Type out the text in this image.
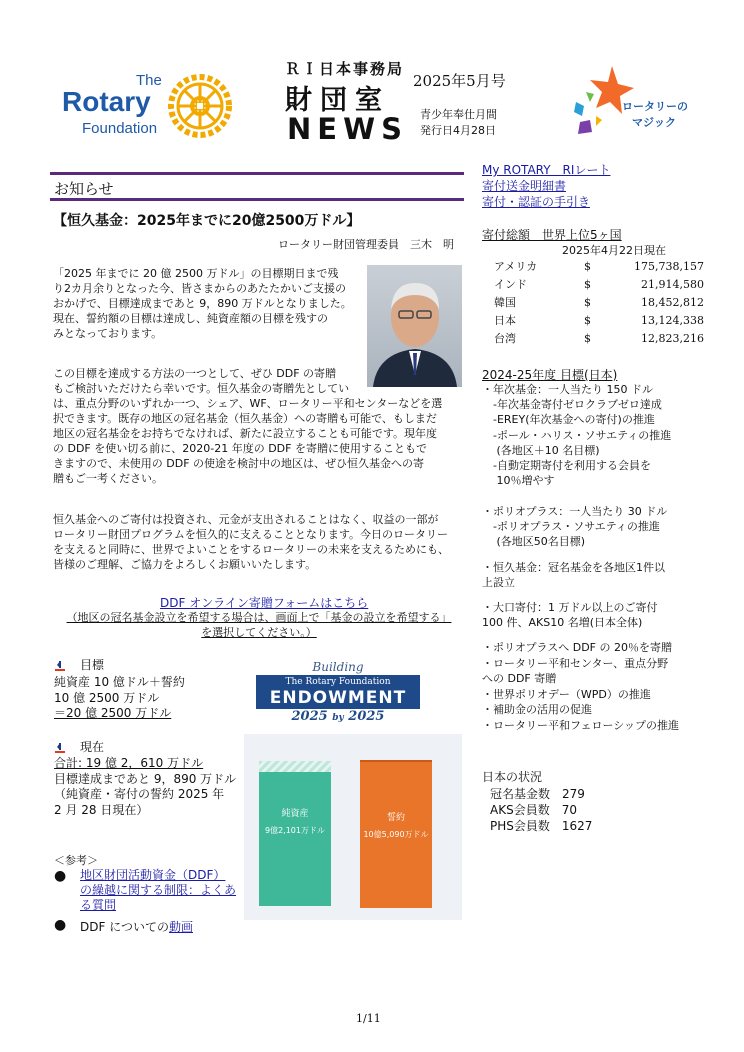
The
Rotary
Foundation
ＲＩ日本事務局
財団室
NEWS
2025年5月号
青少年奉仕月間
発行日4月28日
ロータリーの
マジック
お知らせ
【恒久基金：2025年までに20億2500万ドル】
ロータリー財団管理委員　三木　明
「2025 年までに 20 億 2500 万ドル」の目標期日まで残
り2カ月余りとなった今、皆さまからのあたたかいご支援の
おかげで、目標達成まであと 9，890 万ドルとなりました。
現在、誓約額の目標は達成し、純資産額の目標を残すの
みとなっております。
この目標を達成する方法の一つとして、ぜひ DDF の寄贈
もご検討いただけたら幸いです。恒久基金の寄贈先としてい
は、重点分野のいずれか一つ、シェア、WF、ロータリー平和センターなどを選
択できます。既存の地区の冠名基金（恒久基金）への寄贈も可能で、もしまだ
地区の冠名基金をお持ちでなければ、新たに設立することも可能です。現年度
の DDF を使い切る前に、2020-21 年度の DDF を寄贈に使用することもで
きますので、未使用の DDF の使途を検討中の地区は、ぜひ恒久基金への寄
贈もご一考ください。
恒久基金へのご寄付は投資され、元金が支出されることはなく、収益の一部が
ロータリー財団プログラムを恒久的に支えることとなります。今日のロータリー
を支えると同時に、世界でよいことをするロータリーの未来を支えるためにも、
皆様のご理解、ご協力をよろしくお願いいたします。
DDF オンライン寄贈フォームはこちら
（地区の冠名基金設立を希望する場合は、画面上で「基金の設立を希望する」
を選択してください。）
目標
純資産 10 億ドル＋誓約
10 億 2500 万ドル
＝20 億 2500 万ドル
現在
合計: 19 億 2，610 万ドル
目標達成まであと 9，890 万ドル
（純資産・寄付の誓約 2025 年
2 月 28 日現在）
＜参考＞
● 地区財団活動資金（DDF）
の繰越に関する制限：よくあ
る質問
● DDF についての動画
Building
The Rotary Foundation
ENDOWMENT
2025 by 2025
純資産
9億2,101万ドル
誓約
10億5,090万ドル
My ROTARY　RIレート
寄付送金明細書
寄付・認証の手引き
寄付総額　世界上位5ヶ国
2025年4月22日現在
アメリカ	$	175,738,157
インド	$	21,914,580
韓国	$	18,452,812
日本	$	13,124,338
台湾	$	12,823,216
2024-25年度 目標(日本)
・年次基金：一人当たり 150 ドル
　-年次基金寄付ゼロクラブゼロ達成
　-EREY(年次基金への寄付)の推進
　-ポール・ハリス・ソサエティの推進
　 (各地区＋10 名目標)
　-自動定期寄付を利用する会員を
　 10％増やす
・ポリオプラス：一人当たり 30 ドル
　-ポリオプラス・ソサエティの推進
　 (各地区50名目標)
・恒久基金：冠名基金を各地区1件以
上設立
・大口寄付：1 万ドル以上のご寄付
100 件、AKS10 名増(日本全体)
・ポリオプラスへ DDF の 20％を寄贈
・ロータリー平和センター、重点分野
への DDF 寄贈
・世界ポリオデー（WPD）の推進
・補助金の活用の促進
・ロータリー平和フェローシップの推進
日本の状況
冠名基金数　279
AKS会員数　70
PHS会員数　1627
1/11
